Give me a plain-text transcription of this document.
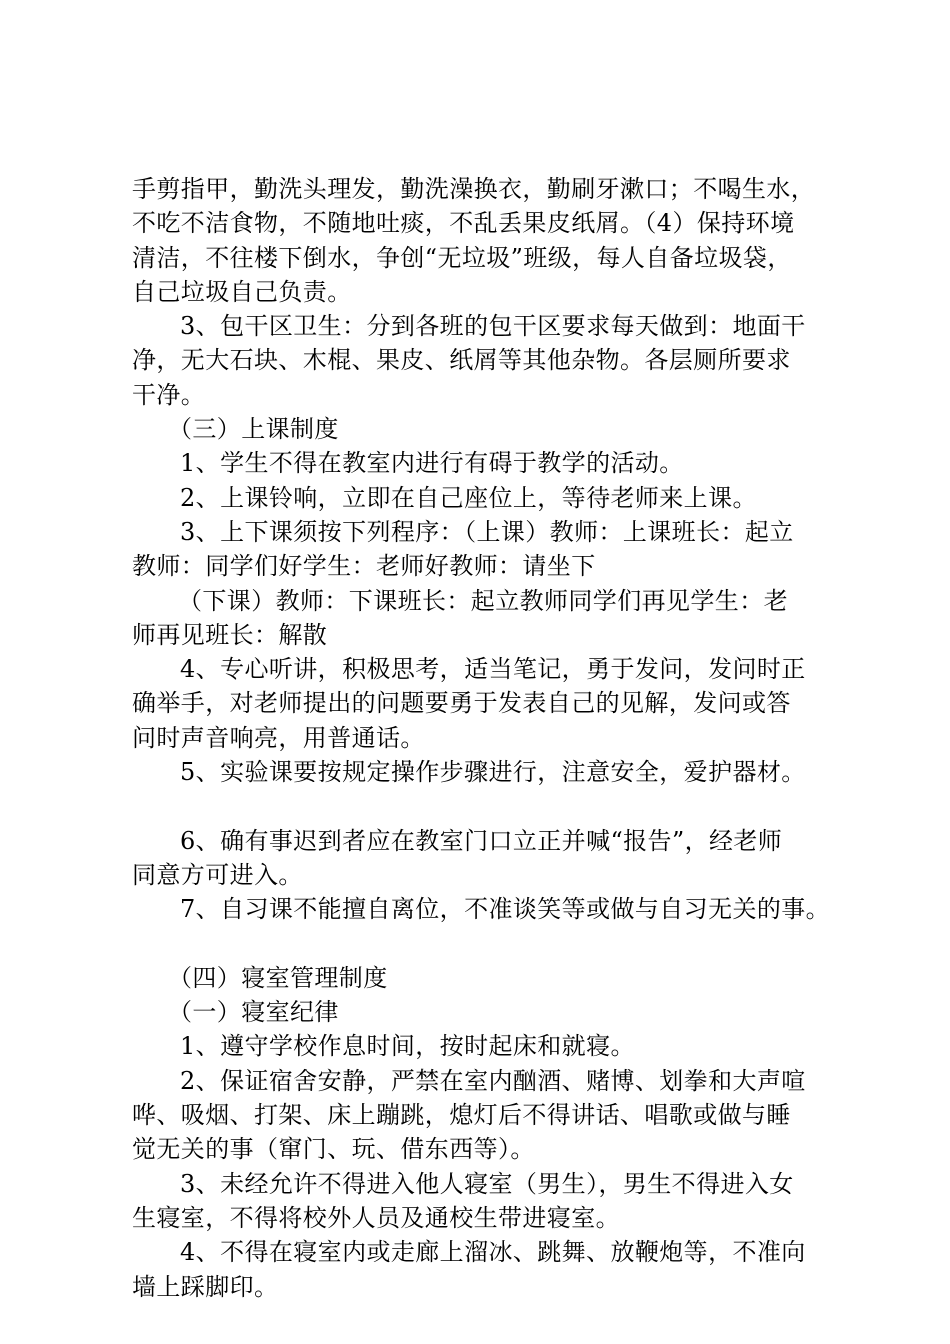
手剪指甲，勤洗头理发，勤洗澡换衣，勤刷牙漱口；不喝生水，
不吃不洁食物，不随地吐痰，不乱丢果皮纸屑。（4）保持环境
清洁，不往楼下倒水，争创“无垃圾”班级，每人自备垃圾袋，
自己垃圾自己负责。
3、包干区卫生：分到各班的包干区要求每天做到：地面干
净，无大石块、木棍、果皮、纸屑等其他杂物。各层厕所要求
干净。
（三）上课制度
1、学生不得在教室内进行有碍于教学的活动。
2、上课铃响，立即在自己座位上，等待老师来上课。
3、上下课须按下列程序：（上课）教师：上课班长：起立
教师：同学们好学生：老师好教师：请坐下
（下课）教师：下课班长：起立教师同学们再见学生：老
师再见班长：解散
4、专心听讲，积极思考，适当笔记，勇于发问，发问时正
确举手，对老师提出的问题要勇于发表自己的见解，发问或答
问时声音响亮，用普通话。
5、实验课要按规定操作步骤进行，注意安全，爱护器材。
6、确有事迟到者应在教室门口立正并喊“报告”，经老师
同意方可进入。
7、自习课不能擅自离位，不准谈笑等或做与自习无关的事。
（四）寝室管理制度
（一）寝室纪律
1、遵守学校作息时间，按时起床和就寝。
2、保证宿舍安静，严禁在室内酗酒、赌博、划拳和大声喧
哗、吸烟、打架、床上蹦跳，熄灯后不得讲话、唱歌或做与睡
觉无关的事（窜门、玩、借东西等）。
3、未经允许不得进入他人寝室（男生），男生不得进入女
生寝室，不得将校外人员及通校生带进寝室。
4、不得在寝室内或走廊上溜冰、跳舞、放鞭炮等，不准向
墙上踩脚印。
